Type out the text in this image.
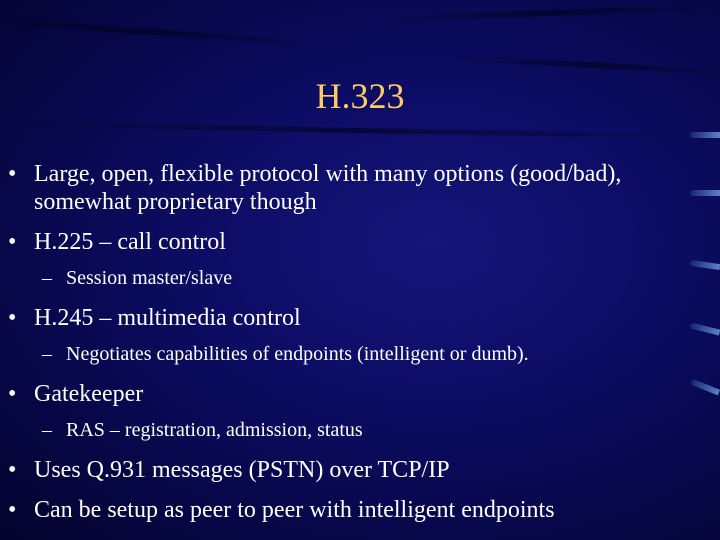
H.323
• Large, open, flexible protocol with many options (good/bad), somewhat proprietary though
• H.225 – call control
– Session master/slave
• H.245 – multimedia control
– Negotiates capabilities of endpoints (intelligent or dumb).
• Gatekeeper
– RAS – registration, admission, status
• Uses Q.931 messages (PSTN) over TCP/IP
• Can be setup as peer to peer with intelligent endpoints
